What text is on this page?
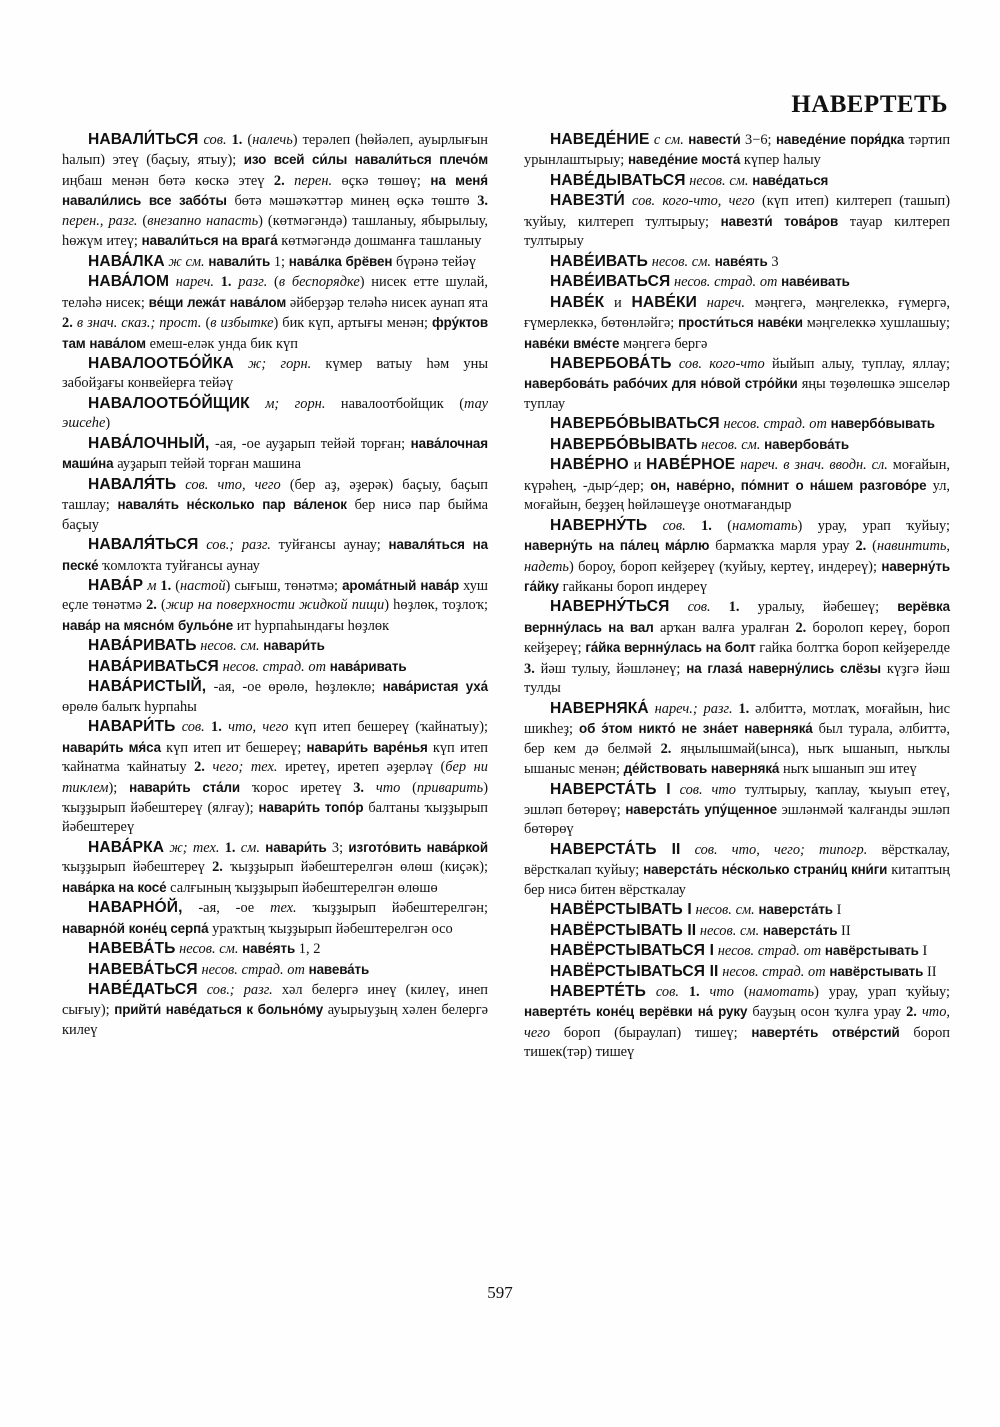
НАВЕРТЕТЬ

НАВАЛИ́ТЬСЯ сов. 1. (налечь) терәлеп (һөйәлеп, ауырлығын һалып) этеү (баҫыу, ятыу); изо всей си́лы навали́ться плечо́м иңбаш менән бөтә көскә этеү 2. перен. өҫкә төшөү; на меня́ навали́лись все забо́ты бөтә мәшәҡәттәр минең өҫкә төштө 3. перен., разг. (внезапно напасть) (көтмәгәндә) ташланыу, ябырылыу, һөжүм итеү; навали́ться на врага́ көтмәгәндә дошманға ташланыу

НАВА́ЛКА ж см. навали́ть 1; нава́лка брёвен бүрәнә тейәү

НАВА́ЛОМ нареч. 1. разг. (в беспорядке) нисек етте шулай, теләһә нисек; ве́щи лежа́т нава́лом әйберҙәр теләһә нисек аунап ята 2. в знач. сказ.; прост. (в избытке) бик күп, артығы менән; фру́ктов там нава́лом емеш-еләк унда бик күп

НАВАЛООТБО́ЙКА ж; горн. күмер ватыу һәм уны забойҙағы конвейерға тейәү

НАВАЛООТБО́ЙЩИК м; горн. навалоотбойщик (тау эшсеһе)

НАВА́ЛОЧНЫЙ, -ая, -ое ауҙарып тейәй торған; нава́лочная маши́на ауҙарып тейәй торған машина

НАВАЛЯ́ТЬ сов. что, чего (бер аҙ, әҙерәк) баҫыу, баҫып ташлау; наваля́ть не́сколько пар ва́ленок бер нисә пар быйма баҫыу

НАВАЛЯ́ТЬСЯ сов.; разг. туйғансы аунау; наваля́ться на песке́ ҡомлоҡта туйғансы аунау

НАВА́Р м 1. (настой) сығыш, төнәтмә; арома́тный нава́р хуш еҫле төнәтмә 2. (жир на поверхности жидкой пищи) һөҙлөк, тоҙлоҡ; нава́р на мясно́м бульо́не ит һурпаһындағы һөҙлөк

НАВА́РИВАТЬ несов. см. навари́ть

НАВА́РИВАТЬСЯ несов. страд. от нава́ривать

НАВА́РИСТЫЙ, -ая, -ое өрөлө, һөҙлөклө; нава́ристая уха́ өрөлө балыҡ һурпаһы

НАВАРИ́ТЬ сов. 1. что, чего күп итеп бешереү (ҡайнатыу); навари́ть мя́са күп итеп ит бешереү; навари́ть варе́нья күп итеп ҡайнатма ҡайнатыу 2. чего; тех. иретеү, иретеп әҙерләү (бер ни тиклем); навари́ть ста́ли ҡорос иретеү 3. что (приварить) ҡыҙҙырып йәбештереү (ялғау); навари́ть топо́р балтаны ҡыҙҙырып йәбештереү

НАВА́РКА ж; тех. 1. см. навари́ть 3; изгото́вить нава́ркой ҡыҙҙырып йәбештереү 2. ҡыҙҙырып йәбештерелгән өлөш (киҫәк); нава́рка на косе́ салғының ҡыҙҙырып йәбештерелгән өлөшө

НАВАРНО́Й, -ая, -ое тех. ҡыҙҙырып йәбештерелгән; наварно́й коне́ц серпа́ ураҡтың ҡыҙҙырып йәбештерелгән осо

НАВЕВА́ТЬ несов. см. наве́ять 1, 2

НАВЕВА́ТЬСЯ несов. страд. от навева́ть

НАВЕ́ДАТЬСЯ сов.; разг. хәл белергә инеү (килеү, инеп сығыу); прийти́ наве́даться к больно́му ауырыуҙың хәлен белергә килеү

НАВЕДЕ́НИЕ с см. навести́ 3−6; наведе́ние поря́дка тәртип урынлаштырыу; наведе́ние моста́ күпер һалыу

НАВЕ́ДЫВАТЬСЯ несов. см. наве́даться

НАВЕЗТИ́ сов. кого-что, чего (күп итеп) килтереп (ташып) ҡуйыу, килтереп тултырыу; навезти́ това́ров тауар килтереп тултырыу

НАВЕ́ИВАТЬ несов. см. наве́ять 3

НАВЕ́ИВАТЬСЯ несов. страд. от наве́ивать

НАВЕ́К и НАВЕ́КИ нареч. мәңгегә, мәңгелеккә, ғүмергә, ғүмерлеккә, бөтөнләйгә; прости́ться наве́ки мәңгелеккә хушлашыу; наве́ки вме́сте мәңгегә бергә

НАВЕРБОВА́ТЬ сов. кого-что йыйып алыу, туплау, яллау; навербова́ть рабо́чих для но́вой стро́йки яңы төҙөлөшкә эшселәр туплау

НАВЕРБО́ВЫВАТЬСЯ несов. страд. от навербо́вывать

НАВЕРБО́ВЫВАТЬ несов. см. навербова́ть

НАВЕ́РНО и НАВЕ́РНОЕ нареч. в знач. вводн. сл. моғайын, күрәһең, -дыр⁄-дер; он, наве́рно, по́мнит о на́шем разгово́ре ул, моғайын, беҙҙең һөйләшеүҙе онотмағандыр

НАВЕРНУ́ТЬ сов. 1. (намотать) урау, урап ҡуйыу; наверну́ть на па́лец ма́рлю бармаҡҡа марля урау 2. (навинтить, надеть) бороу, бороп кейҙереү (ҡуйыу, кертеү, индереү); наверну́ть га́йку гайканы бороп индереү

НАВЕРНУ́ТЬСЯ сов. 1. уралыу, йәбешеү; верёвка вернну́лась на вал арҡан валға уралған 2. боролоп кереү, бороп кейҙереү; га́йка вернну́лась на болт гайка болтҡа бороп кейҙерелде 3. йәш тулыу, йәшләнеү; на глаза́ наверну́лись слёзы күҙгә йәш тулды

НАВЕРНЯКА́ нареч.; разг. 1. әлбиттә, мотлаҡ, моғайын, һис шикһеҙ; об э́том никто́ не зна́ет наверняка́ был турала, әлбиттә, бер кем дә белмәй 2. яңылышмай(ынса), ныҡ ышанып, ныҡлы ышаныс менән; де́йствовать наверняка́ ныҡ ышанып эш итеү

НАВЕРСТА́ТЬ I сов. что тултырыу, ҡаплау, ҡыуып етеү, эшләп бөтөрөү; наверста́ть упу́щенное эшләнмәй ҡалғанды эшләп бөтөрөү

НАВЕРСТА́ТЬ II сов. что, чего; типогр. вёрсткалау, вёрсткалап ҡуйыу; наверста́ть не́сколько страни́ц кни́ги китаптың бер нисә битен вёрсткалау

НАВЁРСТЫВАТЬ I несов. см. наверста́ть I

НАВЁРСТЫВАТЬ II несов. см. наверста́ть II

НАВЁРСТЫВАТЬСЯ I несов. страд. от навёрстывать I

НАВЁРСТЫВАТЬСЯ II несов. страд. от навёрстывать II

НАВЕРТЕ́ТЬ сов. 1. что (намотать) урау, урап ҡуйыу; наверте́ть коне́ц верёвки на́ руку бауҙың осон ҡулға урау 2. что, чего бороп (быраулап) тишеү; наверте́ть отве́рстий бороп тишек(тәр) тишеү

597
